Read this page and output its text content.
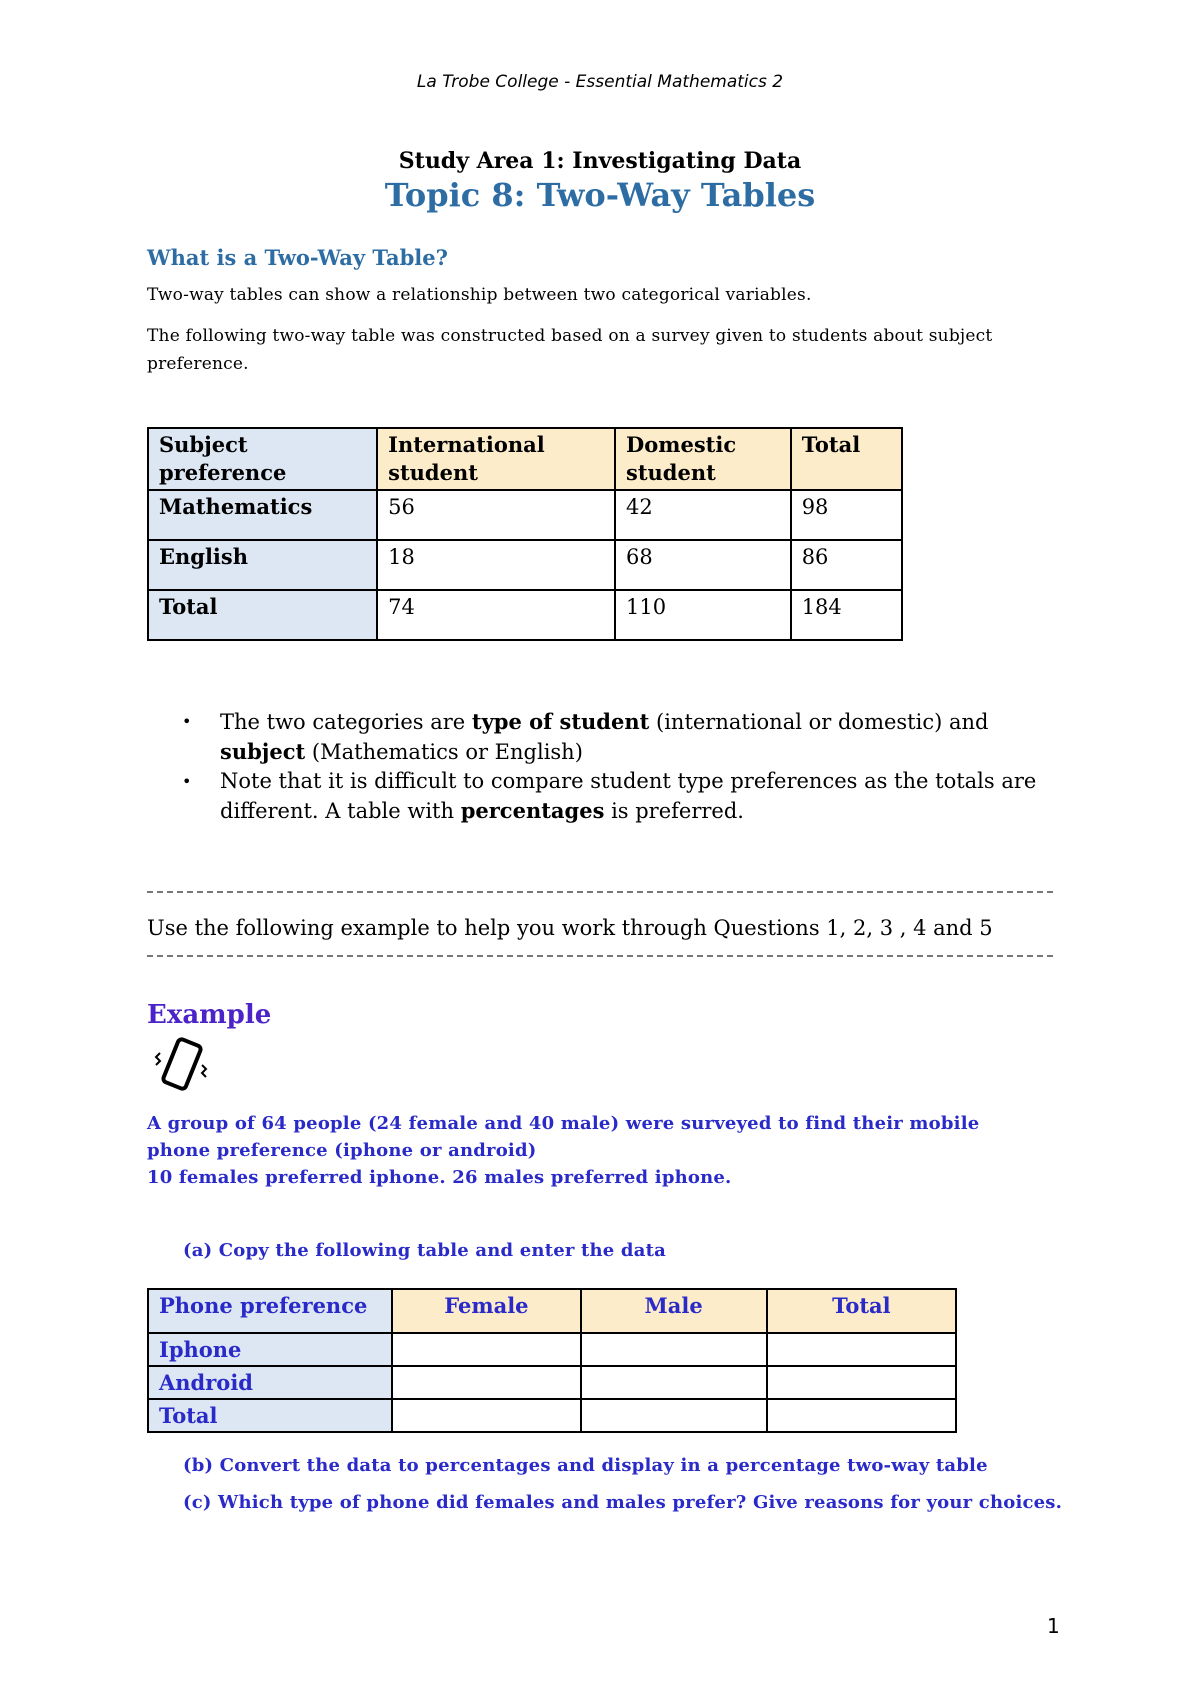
La Trobe College - Essential Mathematics 2
Study Area 1: Investigating Data
Topic 8: Two-Way Tables
What is a Two-Way Table?
Two-way tables can show a relationship between two categorical variables.
The following two-way table was constructed based on a survey given to students about subject preference.
Subject preference	International student	Domestic student	Total
Mathematics	56	42	98
English	18	68	86
Total	74	110	184
• The two categories are type of student (international or domestic) and subject (Mathematics or English)
• Note that it is difficult to compare student type preferences as the totals are different. A table with percentages is preferred.
Use the following example to help you work through Questions 1, 2, 3 , 4 and 5
Example
A group of 64 people (24 female and 40 male) were surveyed to find their mobile phone preference (iphone or android)
10 females preferred iphone. 26 males preferred iphone.
(a) Copy the following table and enter the data
Phone preference	Female	Male	Total
Iphone			
Android			
Total			
(b) Convert the data to percentages and display in a percentage two-way table
(c) Which type of phone did females and males prefer? Give reasons for your choices.
1
